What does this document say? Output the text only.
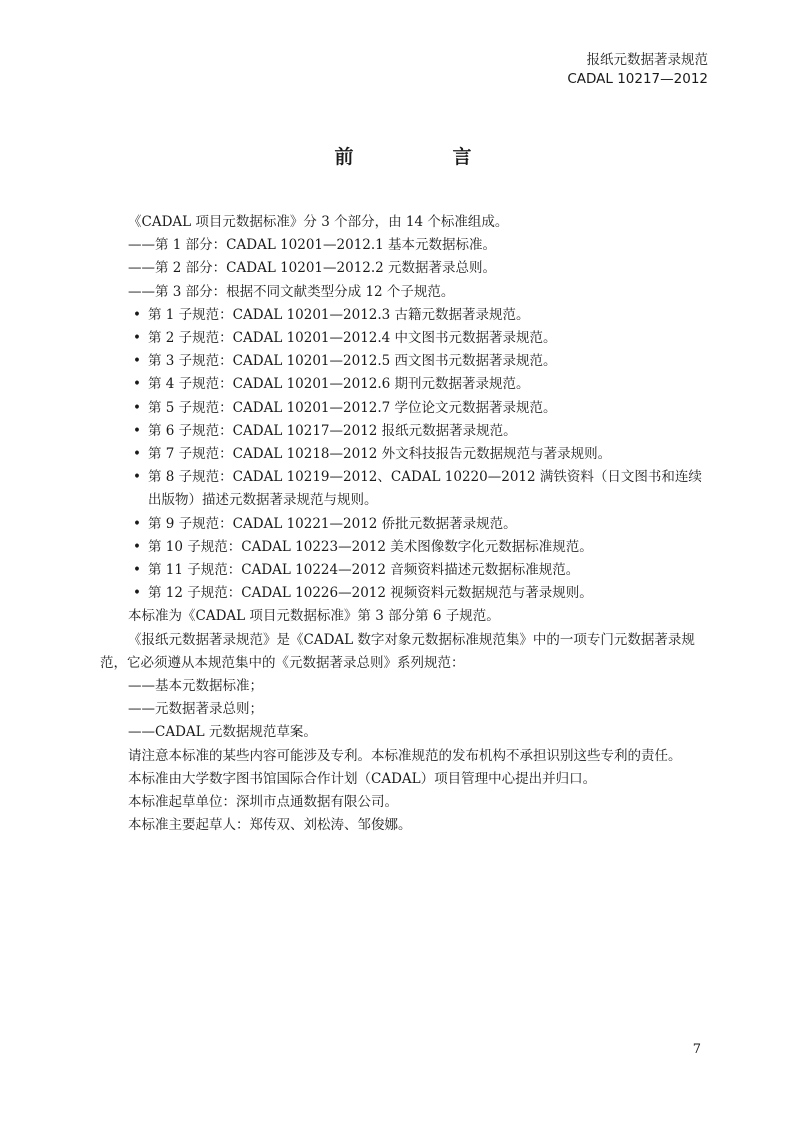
报纸元数据著录规范
CADAL 10217—2012
前　言

《CADAL 项目元数据标准》分 3 个部分，由 14 个标准组成。

——第 1 部分：CADAL 10201—2012.1 基本元数据标准。

——第 2 部分：CADAL 10201—2012.2 元数据著录总则。

——第 3 部分：根据不同文献类型分成 12 个子规范。

• 第 1 子规范：CADAL 10201—2012.3 古籍元数据著录规范。
• 第 2 子规范：CADAL 10201—2012.4 中文图书元数据著录规范。
• 第 3 子规范：CADAL 10201—2012.5 西文图书元数据著录规范。
• 第 4 子规范：CADAL 10201—2012.6 期刊元数据著录规范。
• 第 5 子规范：CADAL 10201—2012.7 学位论文元数据著录规范。
• 第 6 子规范：CADAL 10217—2012 报纸元数据著录规范。
• 第 7 子规范：CADAL 10218—2012 外文科技报告元数据规范与著录规则。
• 第 8 子规范：CADAL 10219—2012、CADAL 10220—2012 满铁资料（日文图书和连续出版物）描述元数据著录规范与规则。
• 第 9 子规范：CADAL 10221—2012 侨批元数据著录规范。
• 第 10 子规范：CADAL 10223—2012 美术图像数字化元数据标准规范。
• 第 11 子规范：CADAL 10224—2012 音频资料描述元数据标准规范。
• 第 12 子规范：CADAL 10226—2012 视频资料元数据规范与著录规则。

本标准为《CADAL 项目元数据标准》第 3 部分第 6 子规范。

《报纸元数据著录规范》是《CADAL 数字对象元数据标准规范集》中的一项专门元数据著录规范，它必须遵从本规范集中的《元数据著录总则》系列规范：

——基本元数据标准；

——元数据著录总则；

——CADAL 元数据规范草案。

请注意本标准的某些内容可能涉及专利。本标准规范的发布机构不承担识别这些专利的责任。

本标准由大学数字图书馆国际合作计划（CADAL）项目管理中心提出并归口。

本标准起草单位：深圳市点通数据有限公司。

本标准主要起草人：郑传双、刘松涛、邹俊娜。

7
